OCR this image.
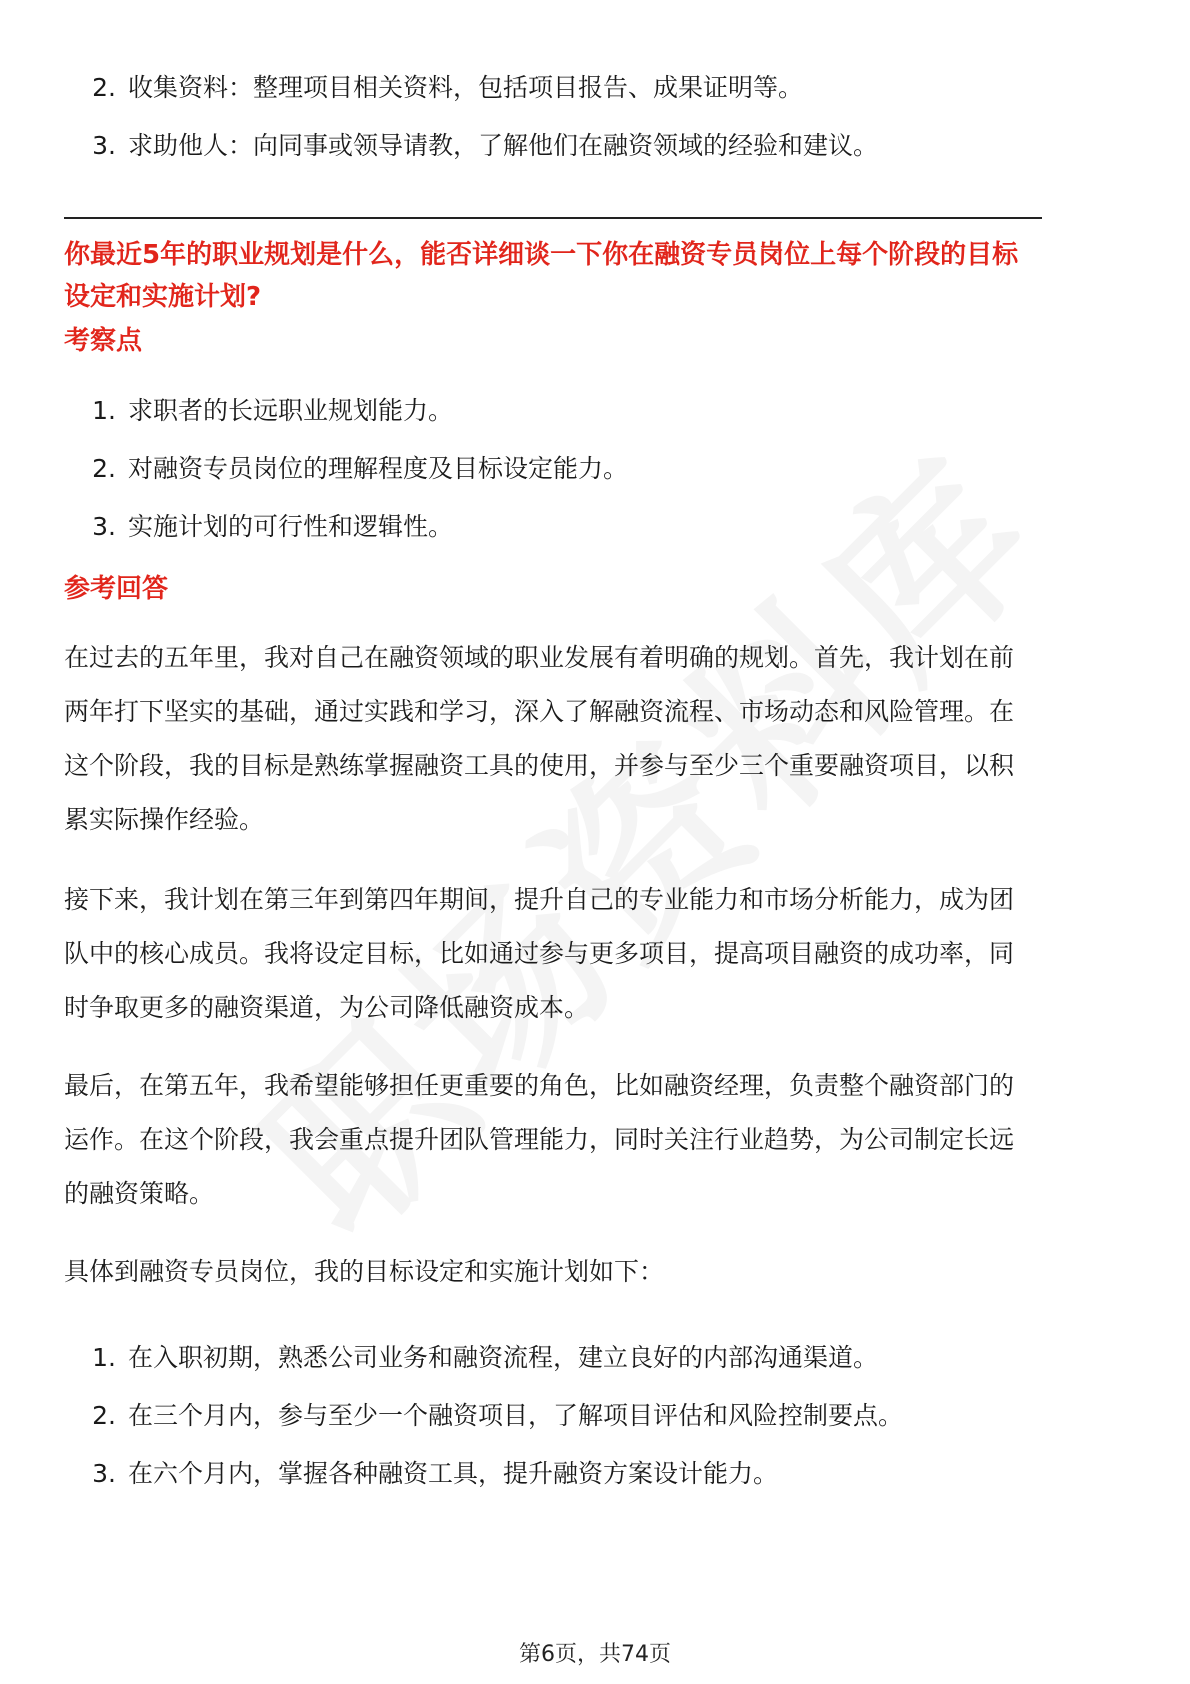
2. 收集资料：整理项目相关资料，包括项目报告、成果证明等。
3. 求助他人：向同事或领导请教，了解他们在融资领域的经验和建议。

你最近5年的职业规划是什么，能否详细谈一下你在融资专员岗位上每个阶段的目标设定和实施计划?

考察点

1. 求职者的长远职业规划能力。
2. 对融资专员岗位的理解程度及目标设定能力。
3. 实施计划的可行性和逻辑性。

参考回答

在过去的五年里，我对自己在融资领域的职业发展有着明确的规划。首先，我计划在前两年打下坚实的基础，通过实践和学习，深入了解融资流程、市场动态和风险管理。在这个阶段，我的目标是熟练掌握融资工具的使用，并参与至少三个重要融资项目，以积累实际操作经验。

接下来，我计划在第三年到第四年期间，提升自己的专业能力和市场分析能力，成为团队中的核心成员。我将设定目标，比如通过参与更多项目，提高项目融资的成功率，同时争取更多的融资渠道，为公司降低融资成本。

最后，在第五年，我希望能够担任更重要的角色，比如融资经理，负责整个融资部门的运作。在这个阶段，我会重点提升团队管理能力，同时关注行业趋势，为公司制定长远的融资策略。

具体到融资专员岗位，我的目标设定和实施计划如下：

1. 在入职初期，熟悉公司业务和融资流程，建立良好的内部沟通渠道。
2. 在三个月内，参与至少一个融资项目，了解项目评估和风险控制要点。
3. 在六个月内，掌握各种融资工具，提升融资方案设计能力。
第6页，共74页
